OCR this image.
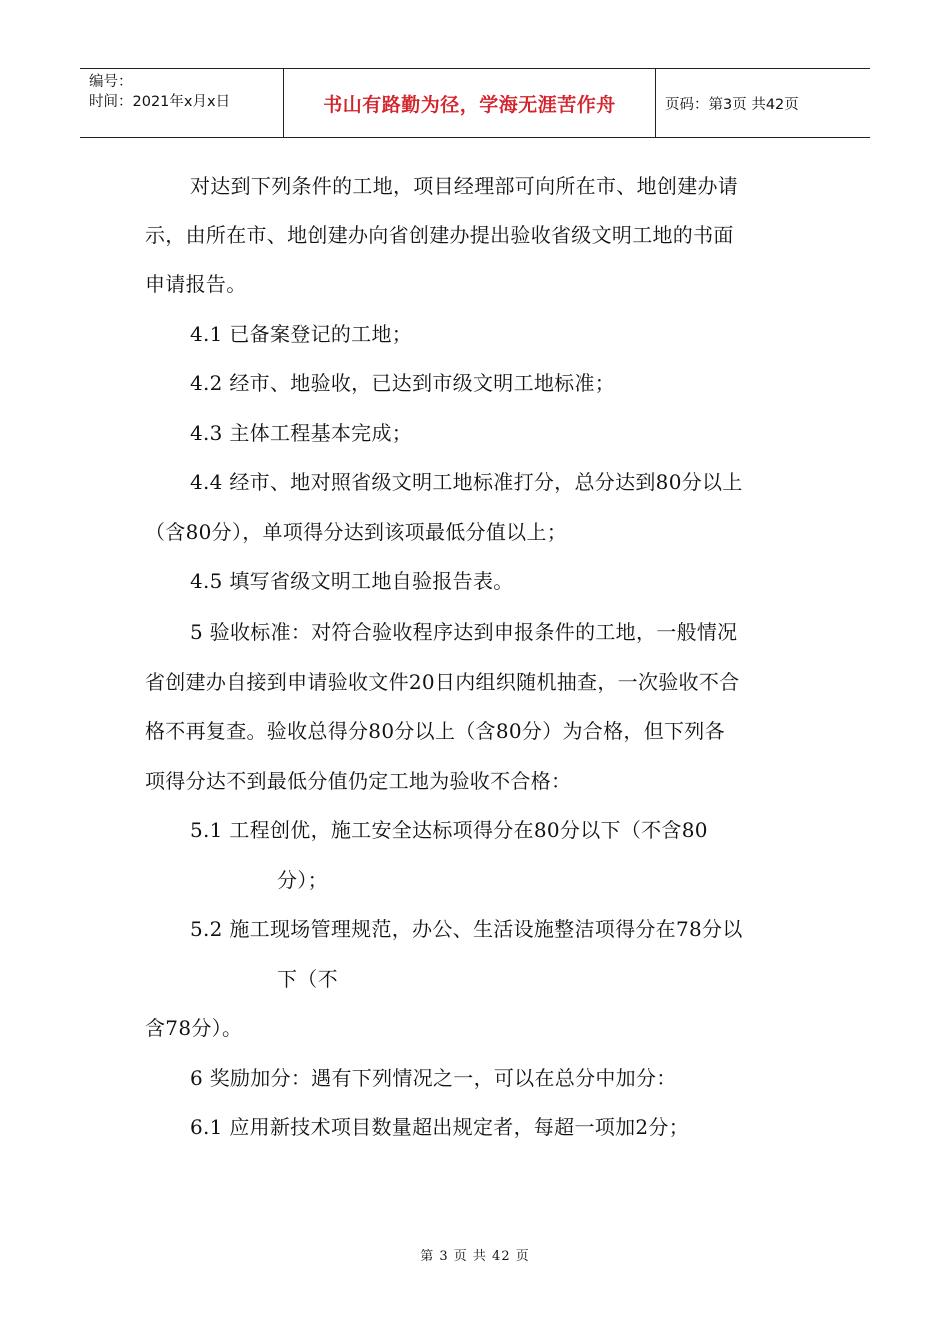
编号：
时间：2021年x月x日	书山有路勤为径，学海无涯苦作舟	页码：第3页 共42页
对达到下列条件的工地，项目经理部可向所在市、地创建办请
示，由所在市、地创建办向省创建办提出验收省级文明工地的书面
申请报告。
4.1 已备案登记的工地；
4.2 经市、地验收，已达到市级文明工地标准；
4.3 主体工程基本完成；
4.4 经市、地对照省级文明工地标准打分，总分达到80分以上
（含80分），单项得分达到该项最低分值以上；
4.5 填写省级文明工地自验报告表。
5 验收标准：对符合验收程序达到申报条件的工地，一般情况
省创建办自接到申请验收文件20日内组织随机抽查，一次验收不合
格不再复查。验收总得分80分以上（含80分）为合格，但下列各
项得分达不到最低分值仍定工地为验收不合格：
5.1 工程创优，施工安全达标项得分在80分以下（不含80
分）；
5.2 施工现场管理规范，办公、生活设施整洁项得分在78分以
下（不
含78分）。
6 奖励加分：遇有下列情况之一，可以在总分中加分：
6.1 应用新技术项目数量超出规定者，每超一项加2分；
第 3 页 共 42 页
